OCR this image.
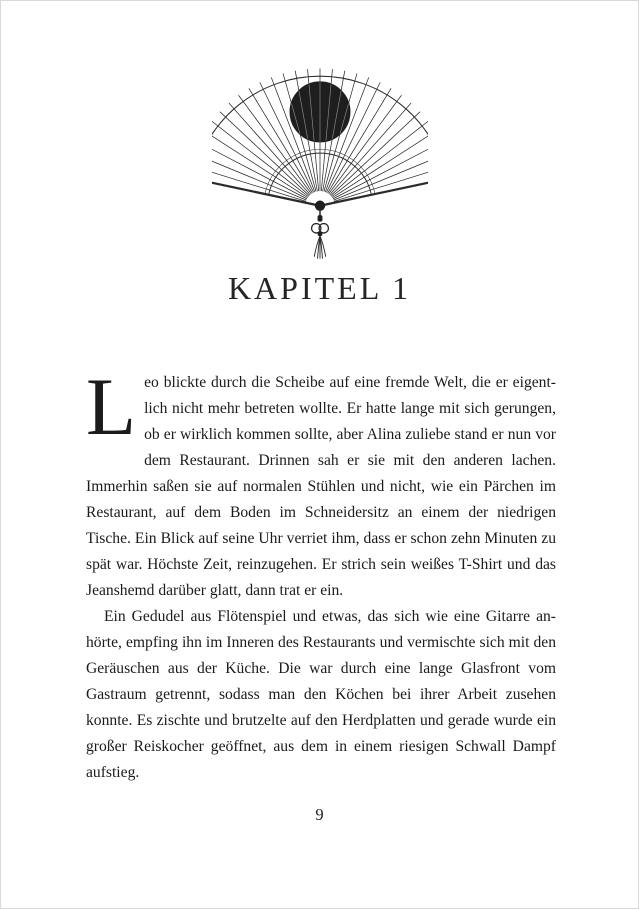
KAPITEL 1

Leo blickte durch die Scheibe auf eine fremde Welt, die er eigentlich nicht mehr betreten wollte. Er hatte lange mit sich gerungen, ob er wirklich kommen sollte, aber Alina zuliebe stand er nun vor dem Restaurant. Drinnen sah er sie mit den anderen lachen. Immerhin saßen sie auf normalen Stühlen und nicht, wie ein Pärchen im Restaurant, auf dem Boden im Schneidersitz an einem der niedrigen Tische. Ein Blick auf seine Uhr verriet ihm, dass er schon zehn Minuten zu spät war. Höchste Zeit, reinzugehen. Er strich sein weißes T-Shirt und das Jeanshemd darüber glatt, dann trat er ein.

Ein Gedudel aus Flötenspiel und etwas, das sich wie eine Gitarre anhörte, empfing ihn im Inneren des Restaurants und vermischte sich mit den Geräuschen aus der Küche. Die war durch eine lange Glasfront vom Gastraum getrennt, sodass man den Köchen bei ihrer Arbeit zusehen konnte. Es zischte und brutzelte auf den Herdplatten und gerade wurde ein großer Reiskocher geöffnet, aus dem in einem riesigen Schwall Dampf aufstieg.

9
